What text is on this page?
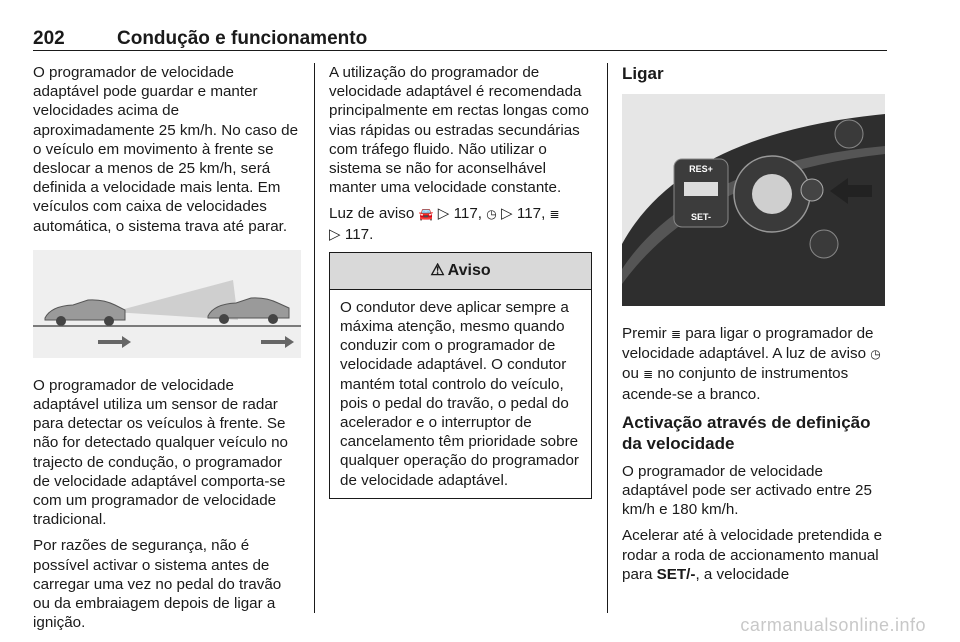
202	Condução e funcionamento

O programador de velocidade adaptável pode guardar e manter velocidades acima de aproximadamente 25 km/h. No caso de o veículo em movimento à frente se deslocar a menos de 25 km/h, será definida a velocidade mais lenta. Em veículos com caixa de velocidades automática, o sistema trava até parar.

O programador de velocidade adaptável utiliza um sensor de radar para detectar os veículos à frente. Se não for detectado qualquer veículo no trajecto de condução, o programador de velocidade adaptável comporta-se com um programador de velocidade tradicional.

Por razões de segurança, não é possível activar o sistema antes de carregar uma vez no pedal do travão ou da embraiagem depois de ligar a ignição.

A utilização do programador de velocidade adaptável é recomendada principalmente em rectas longas como vias rápidas ou estradas secundárias com tráfego fluido. Não utilizar o sistema se não for aconselhável manter uma velocidade constante.

Luz de aviso 🚘 ▷ 117, ◷ ▷ 117, ≣
▷ 117.

⚠ Aviso
O condutor deve aplicar sempre a máxima atenção, mesmo quando conduzir com o programador de velocidade adaptável. O condutor mantém total controlo do veículo, pois o pedal do travão, o pedal do acelerador e o interruptor de cancelamento têm prioridade sobre qualquer operação do programador de velocidade adaptável.
Ligar
RES+
SET-

Premir ≣ para ligar o programador de velocidade adaptável. A luz de aviso ◷ ou ≣ no conjunto de instrumentos acende-se a branco.

Activação através de definição da velocidade

O programador de velocidade adaptável pode ser activado entre 25 km/h e 180 km/h.

Acelerar até à velocidade pretendida e rodar a roda de accionamento manual para SET/-, a velocidade

carmanualsonline.info
